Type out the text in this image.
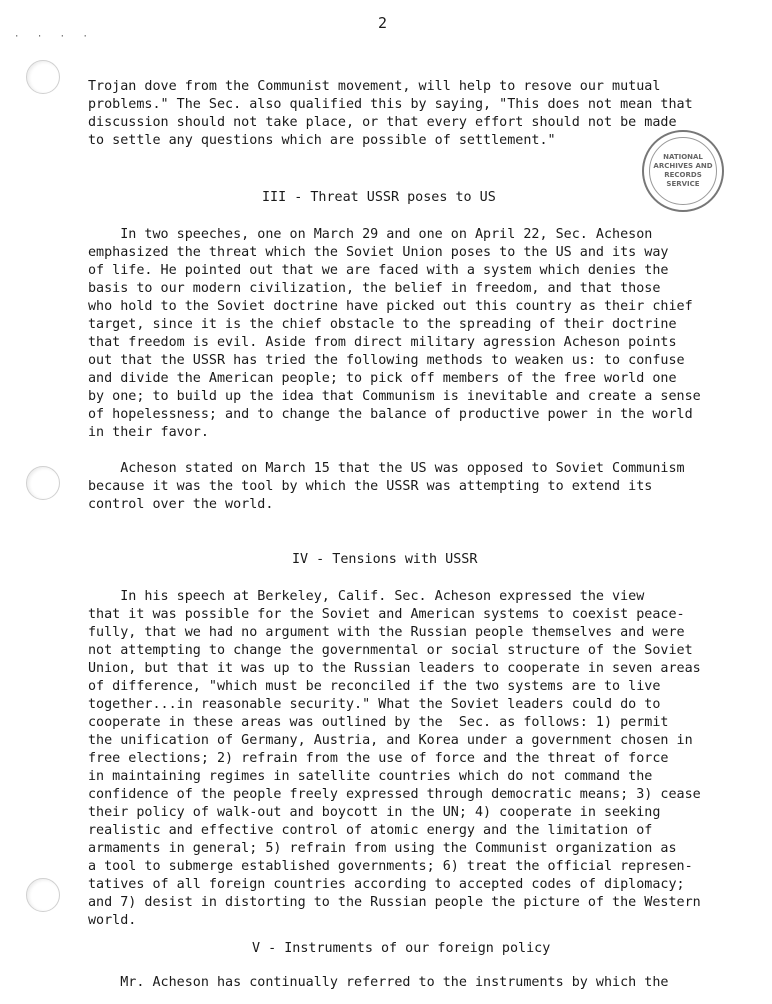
· · · ·
2
NATIONAL
ARCHIVES AND
RECORDS
SERVICE
Trojan dove from the Communist movement, will help to resove our mutual
problems." The Sec. also qualified this by saying, "This does not mean that
discussion should not take place, or that every effort should not be made
to settle any questions which are possible of settlement."
III - Threat USSR poses to US
In two speeches, one on March 29 and one on April 22, Sec. Acheson
emphasized the threat which the Soviet Union poses to the US and its way
of life. He pointed out that we are faced with a system which denies the
basis to our modern civilization, the belief in freedom, and that those
who hold to the Soviet doctrine have picked out this country as their chief
target, since it is the chief obstacle to the spreading of their doctrine
that freedom is evil. Aside from direct military agression Acheson points
out that the USSR has tried the following methods to weaken us: to confuse
and divide the American people; to pick off members of the free world one
by one; to build up the idea that Communism is inevitable and create a sense
of hopelessness; and to change the balance of productive power in the world
in their favor.
Acheson stated on March 15 that the US was opposed to Soviet Communism
because it was the tool by which the USSR was attempting to extend its
control over the world.
IV - Tensions with USSR
In his speech at Berkeley, Calif. Sec. Acheson expressed the view
that it was possible for the Soviet and American systems to coexist peace-
fully, that we had no argument with the Russian people themselves and were
not attempting to change the governmental or social structure of the Soviet
Union, but that it was up to the Russian leaders to cooperate in seven areas
of difference, "which must be reconciled if the two systems are to live
together...in reasonable security." What the Soviet leaders could do to
cooperate in these areas was outlined by the  Sec. as follows: 1) permit
the unification of Germany, Austria, and Korea under a government chosen in
free elections; 2) refrain from the use of force and the threat of force
in maintaining regimes in satellite countries which do not command the
confidence of the people freely expressed through democratic means; 3) cease
their policy of walk-out and boycott in the UN; 4) cooperate in seeking
realistic and effective control of atomic energy and the limitation of
armaments in general; 5) refrain from using the Communist organization as
a tool to submerge established governments; 6) treat the official represen-
tatives of all foreign countries according to accepted codes of diplomacy;
and 7) desist in distorting to the Russian people the picture of the Western
world.
V - Instruments of our foreign policy
Mr. Acheson has continually referred to the instruments by which the
